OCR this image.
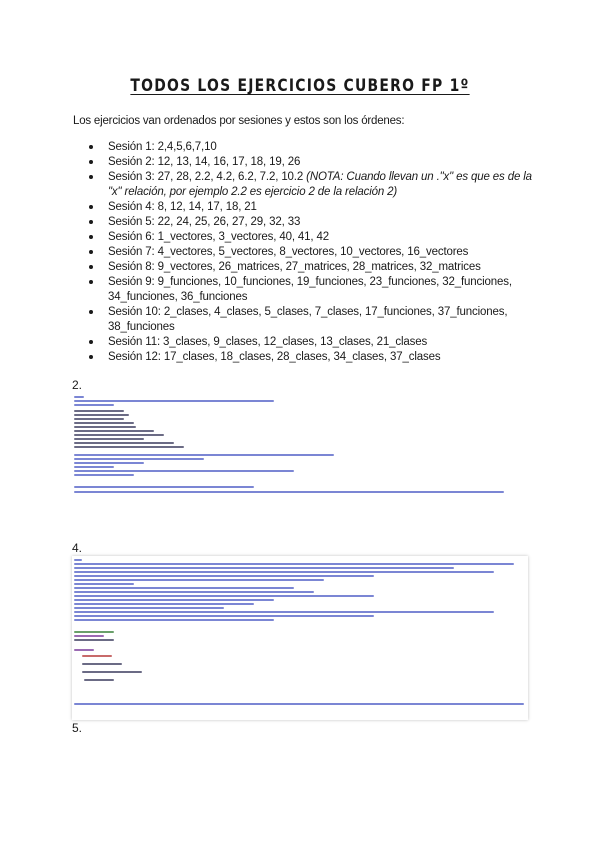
TODOS LOS EJERCICIOS CUBERO FP 1º
Los ejercicios van ordenados por sesiones y estos son los órdenes:
Sesión 1: 2,4,5,6,7,10
Sesión 2: 12, 13, 14, 16, 17, 18, 19, 26
Sesión 3: 27, 28, 2.2, 4.2, 6.2, 7.2, 10.2 (NOTA: Cuando llevan un ."x" es que es de la "x" relación, por ejemplo 2.2 es ejercicio 2 de la relación 2)
Sesión 4: 8, 12, 14, 17, 18, 21
Sesión 5: 22, 24, 25, 26, 27, 29, 32, 33
Sesión 6: 1_vectores, 3_vectores, 40, 41, 42
Sesión 7: 4_vectores, 5_vectores, 8_vectores, 10_vectores, 16_vectores
Sesión 8: 9_vectores, 26_matrices, 27_matrices, 28_matrices, 32_matrices
Sesión 9: 9_funciones, 10_funciones, 19_funciones, 23_funciones, 32_funciones, 34_funciones, 36_funciones
Sesión 10: 2_clases, 4_clases, 5_clases, 7_clases, 17_funciones, 37_funciones, 38_funciones
Sesión 11: 3_clases, 9_clases, 12_clases, 13_clases, 21_clases
Sesión 12: 17_clases, 18_clases, 28_clases, 34_clases, 37_clases
2.
4.
5.
